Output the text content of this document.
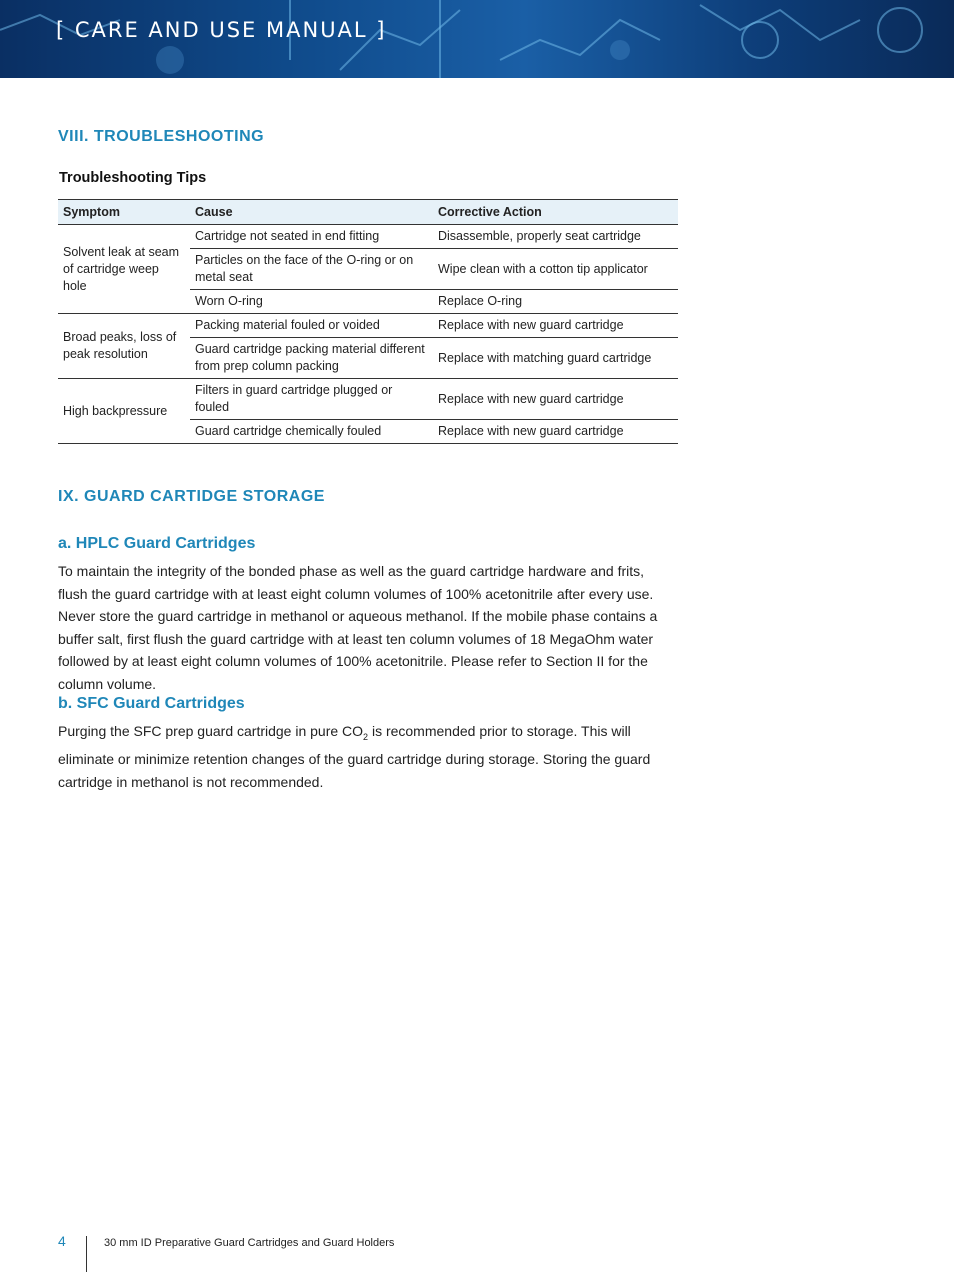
[ CARE AND USE MANUAL ]
VIII. TROUBLESHOOTING
Troubleshooting Tips
Symptom	Cause	Corrective Action
Solvent leak at seam of cartridge weep hole	Cartridge not seated in end fitting	Disassemble, properly seat cartridge
	Particles on the face of the O-ring or on metal seat	Wipe clean with a cotton tip applicator
	Worn O-ring	Replace O-ring
Broad peaks, loss of peak resolution	Packing material fouled or voided	Replace with new guard cartridge
	Guard cartridge packing material different from prep column packing	Replace with matching guard cartridge
High backpressure	Filters in guard cartridge plugged or fouled	Replace with new guard cartridge
	Guard cartridge chemically fouled	Replace with new guard cartridge
IX. GUARD CARTIDGE STORAGE
a. HPLC Guard Cartridges
To maintain the integrity of the bonded phase as well as the guard cartridge hardware and frits, flush the guard cartridge with at least eight column volumes of 100% acetonitrile after every use. Never store the guard cartridge in methanol or aqueous methanol. If the mobile phase contains a buffer salt, first flush the guard cartridge with at least ten column volumes of 18 MegaOhm water followed by at least eight column volumes of 100% acetonitrile. Please refer to Section II for the column volume.
b. SFC Guard Cartridges
Purging the SFC prep guard cartridge in pure $CO_2$ is recommended prior to storage. This will eliminate or minimize retention changes of the guard cartridge during storage. Storing the guard cartridge in methanol is not recommended.
4	30 mm ID Preparative Guard Cartridges and Guard Holders
